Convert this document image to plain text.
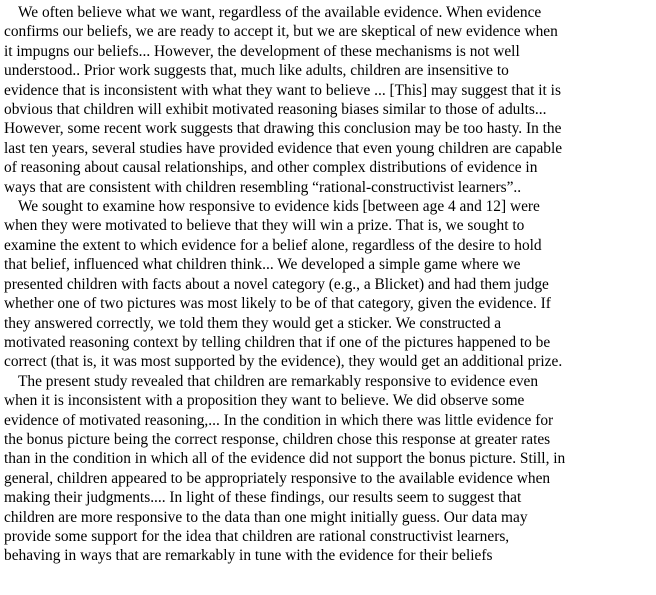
We often believe what we want, regardless of the available evidence. When evidence
confirms our beliefs, we are ready to accept it, but we are skeptical of new evidence when
it impugns our beliefs... However, the development of these mechanisms is not well
understood.. Prior work suggests that, much like adults, children are insensitive to
evidence that is inconsistent with what they want to believe ... [This] may suggest that it is
obvious that children will exhibit motivated reasoning biases similar to those of adults...
However, some recent work suggests that drawing this conclusion may be too hasty. In the
last ten years, several studies have provided evidence that even young children are capable
of reasoning about causal relationships, and other complex distributions of evidence in
ways that are consistent with children resembling “rational-constructivist learners”..

We sought to examine how responsive to evidence kids [between age 4 and 12] were
when they were motivated to believe that they will win a prize. That is, we sought to
examine the extent to which evidence for a belief alone, regardless of the desire to hold
that belief, influenced what children think... We developed a simple game where we
presented children with facts about a novel category (e.g., a Blicket) and had them judge
whether one of two pictures was most likely to be of that category, given the evidence. If
they answered correctly, we told them they would get a sticker. We constructed a
motivated reasoning context by telling children that if one of the pictures happened to be
correct (that is, it was most supported by the evidence), they would get an additional prize.

The present study revealed that children are remarkably responsive to evidence even
when it is inconsistent with a proposition they want to believe. We did observe some
evidence of motivated reasoning,... In the condition in which there was little evidence for
the bonus picture being the correct response, children chose this response at greater rates
than in the condition in which all of the evidence did not support the bonus picture. Still, in
general, children appeared to be appropriately responsive to the available evidence when
making their judgments.... In light of these findings, our results seem to suggest that
children are more responsive to the data than one might initially guess. Our data may
provide some support for the idea that children are rational constructivist learners,
behaving in ways that are remarkably in tune with the evidence for their beliefs
